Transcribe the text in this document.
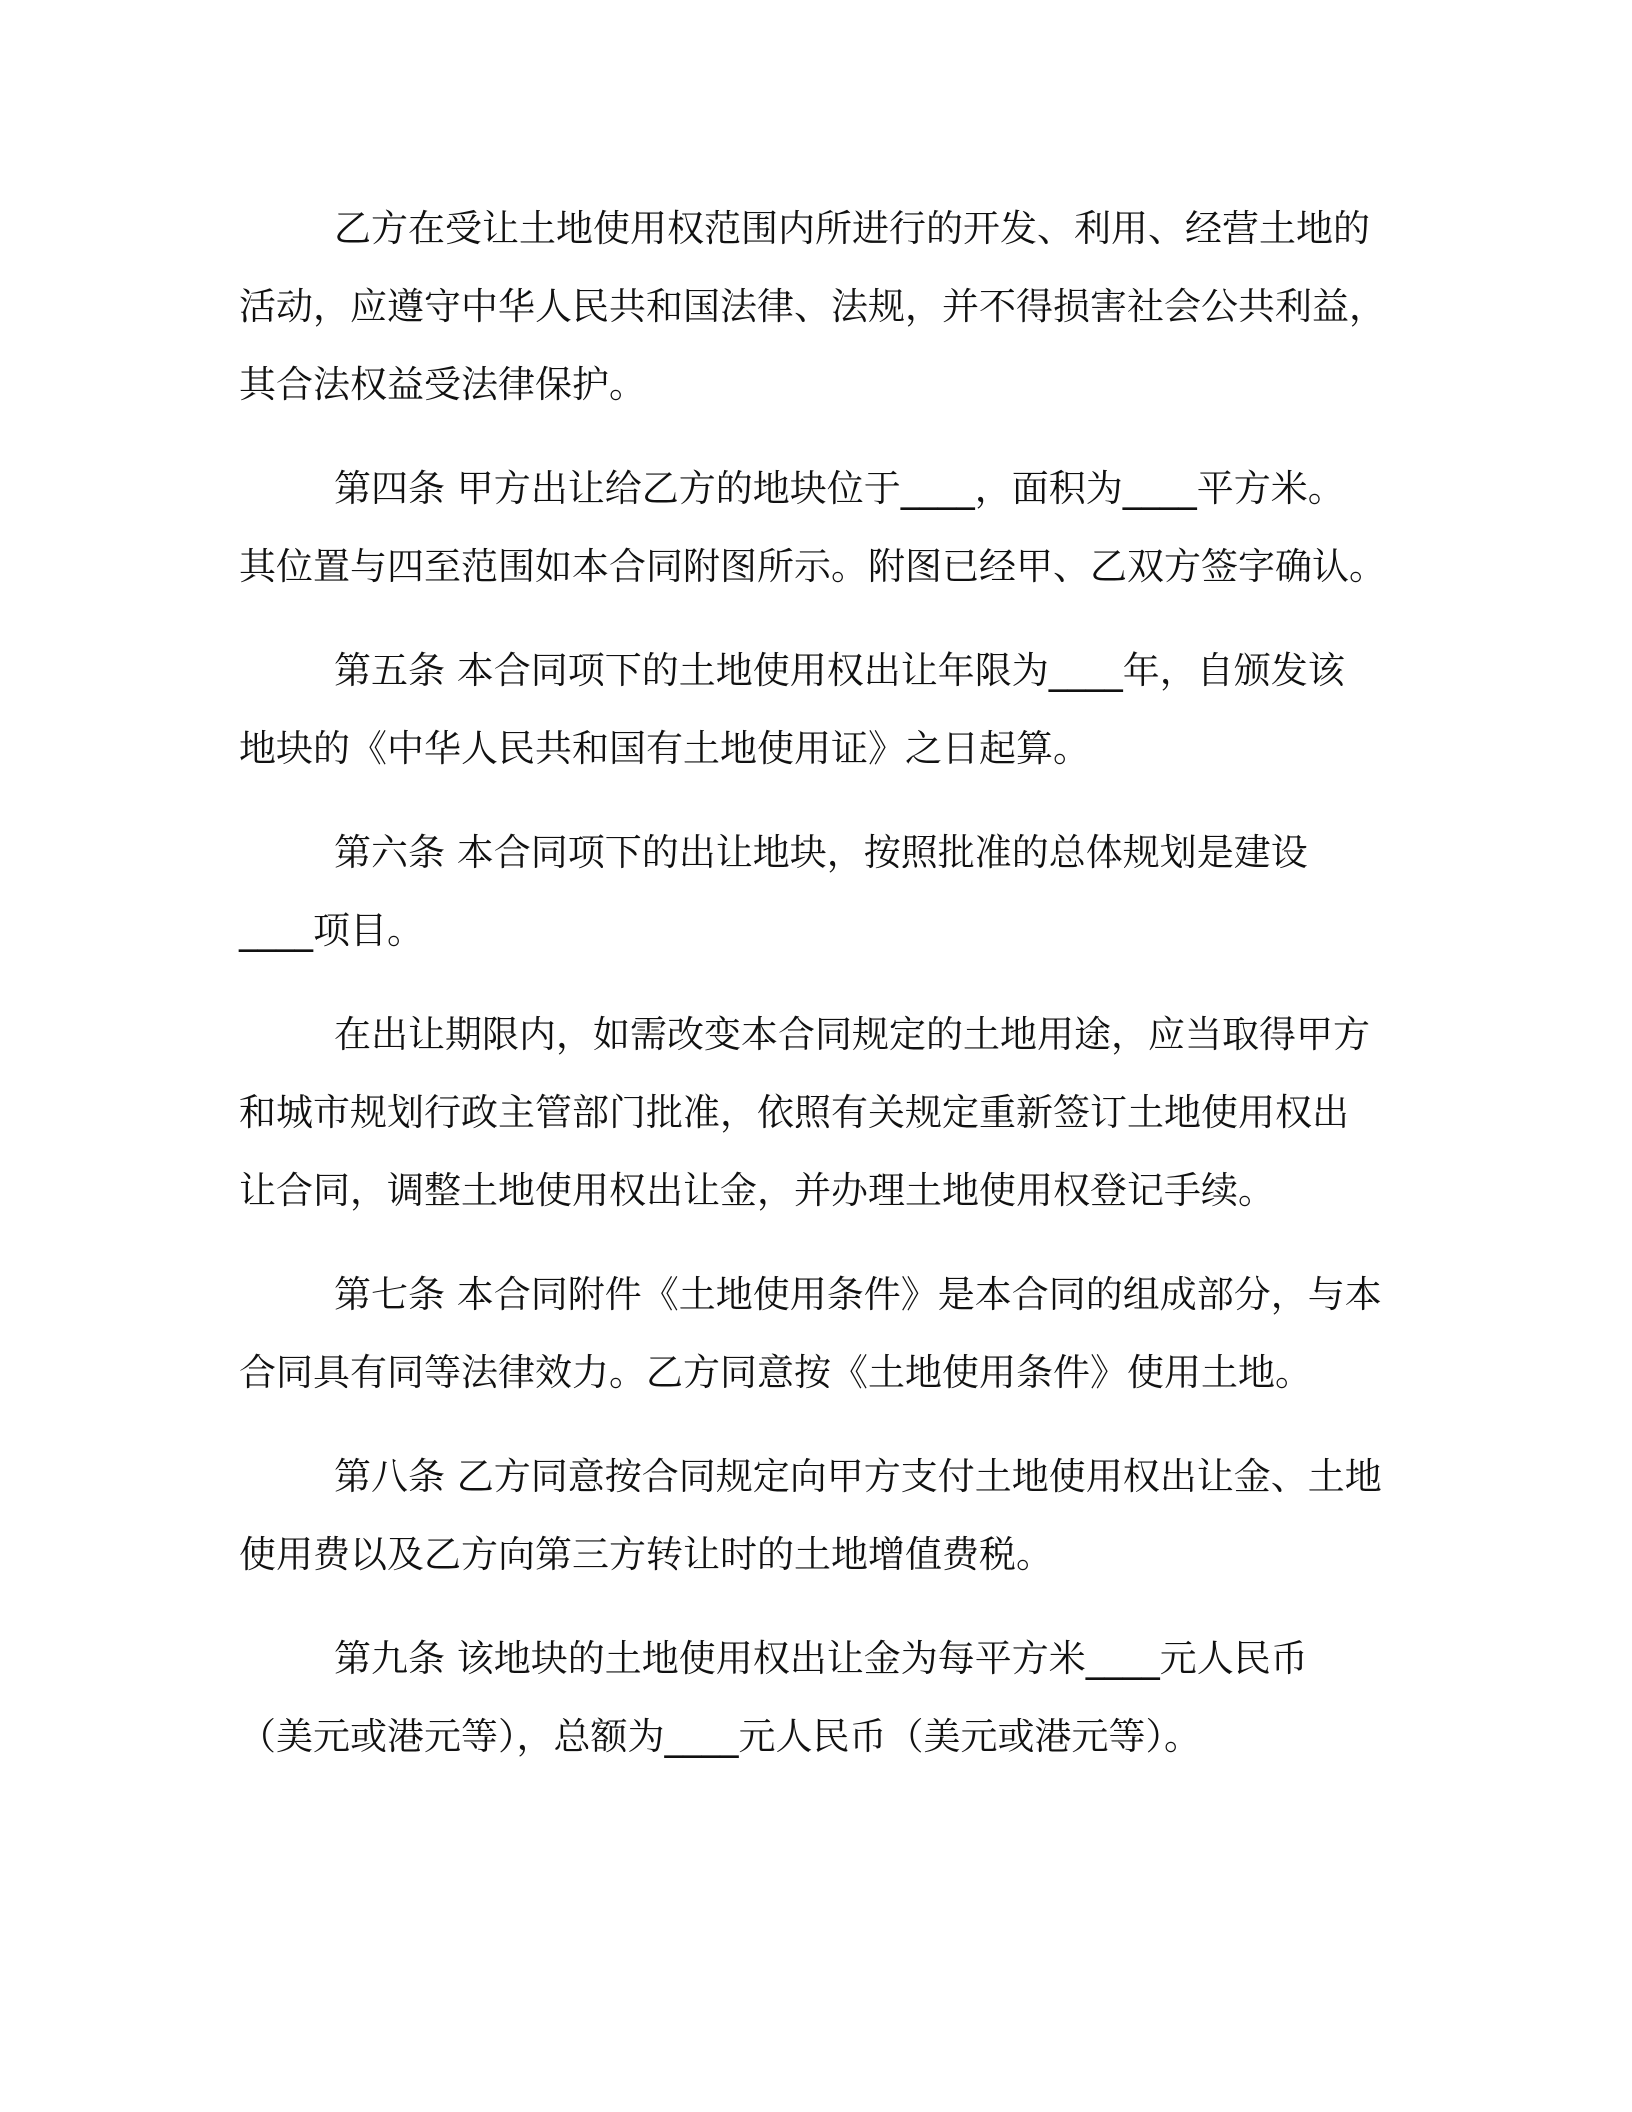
乙方在受让土地使用权范围内所进行的开发、利用、经营土地的
活动，应遵守中华人民共和国法律、法规，并不得损害社会公共利益，
其合法权益受法律保护。
第四条 甲方出让给乙方的地块位于____，面积为____平方米。
其位置与四至范围如本合同附图所示。附图已经甲、乙双方签字确认。
第五条 本合同项下的土地使用权出让年限为____年，自颁发该
地块的《中华人民共和国有土地使用证》之日起算。
第六条 本合同项下的出让地块，按照批准的总体规划是建设
____项目。
在出让期限内，如需改变本合同规定的土地用途，应当取得甲方
和城市规划行政主管部门批准，依照有关规定重新签订土地使用权出
让合同，调整土地使用权出让金，并办理土地使用权登记手续。
第七条 本合同附件《土地使用条件》是本合同的组成部分，与本
合同具有同等法律效力。乙方同意按《土地使用条件》使用土地。
第八条 乙方同意按合同规定向甲方支付土地使用权出让金、土地
使用费以及乙方向第三方转让时的土地增值费税。
第九条 该地块的土地使用权出让金为每平方米____元人民币
（美元或港元等），总额为____元人民币（美元或港元等）。
